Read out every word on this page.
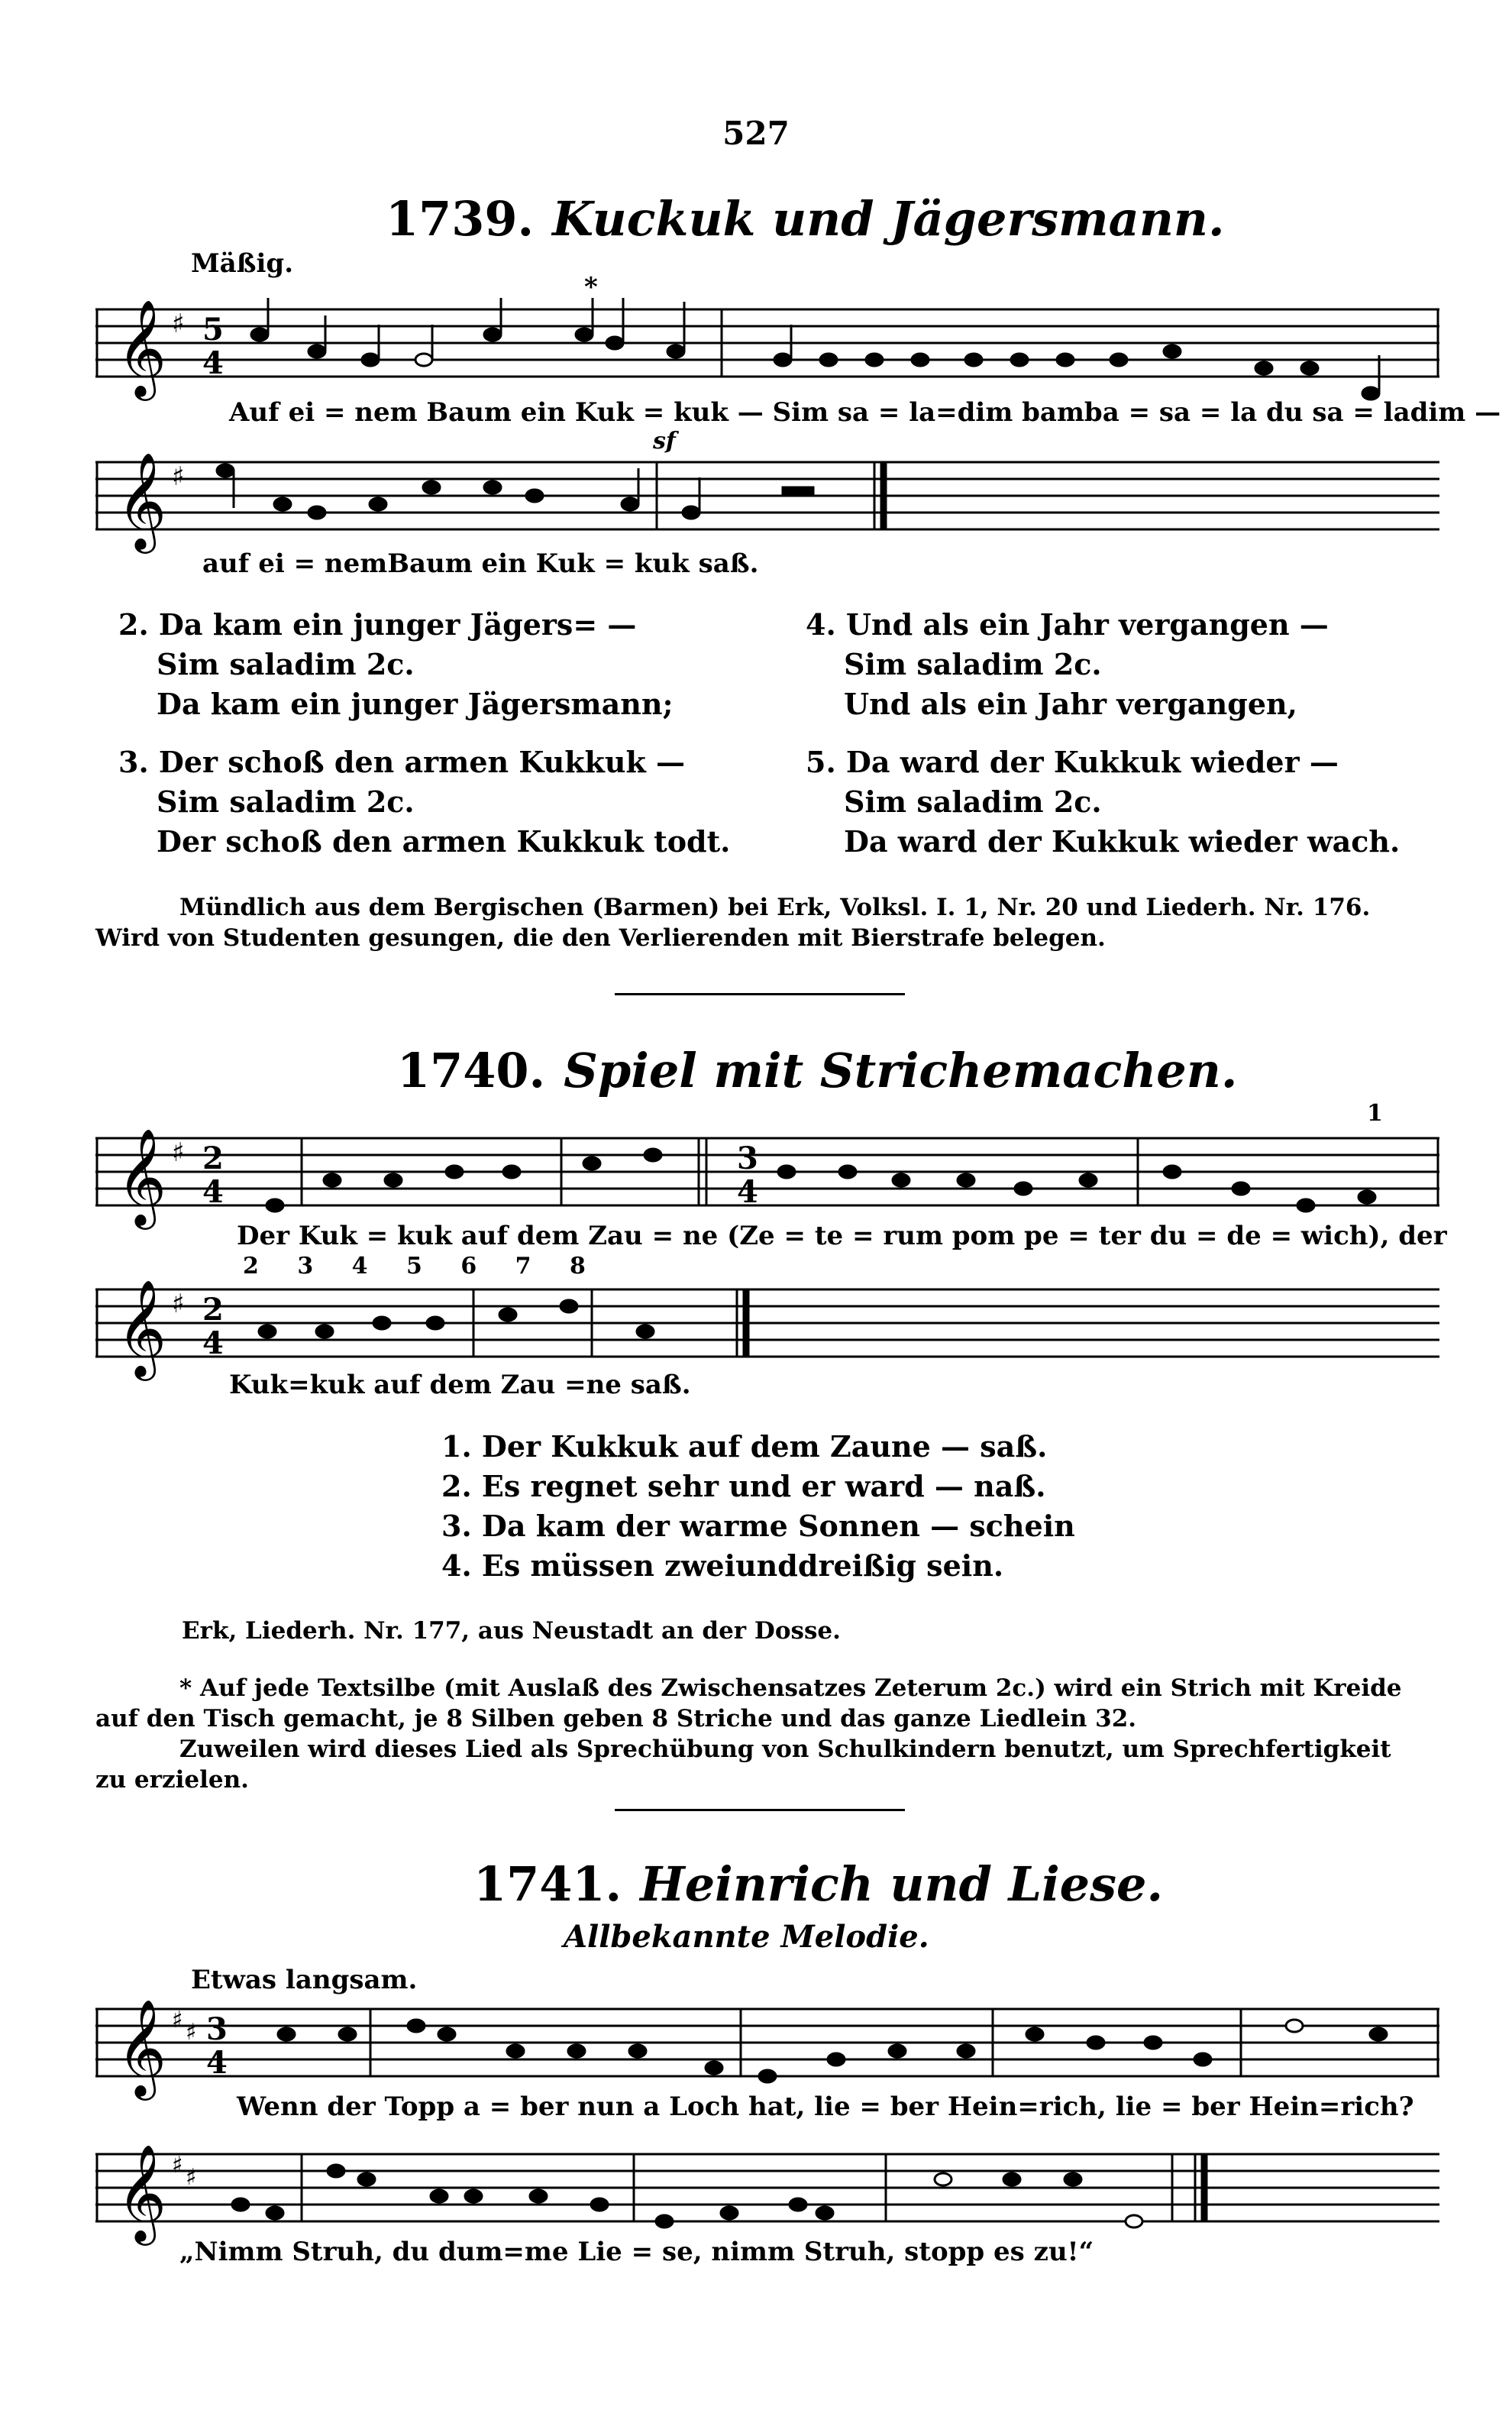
527
1739. Kuckuk und Jägersmann.
Mäßig.
𝄞 ♯ 5
4
*
Auf ei = nem Baum ein Kuk = kuk — Sim sa = la=dim bamba = sa = la du sa = ladim —
sf
𝄞 ♯
auf ei = nemBaum ein Kuk = kuk saß.
2. Da kam ein junger Jägers= —
Sim saladim 2c.
Da kam ein junger Jägersmann;
3. Der schoß den armen Kukkuk —
Sim saladim 2c.
Der schoß den armen Kukkuk todt.
4. Und als ein Jahr vergangen —
Sim saladim 2c.
Und als ein Jahr vergangen,
5. Da ward der Kukkuk wieder —
Sim saladim 2c.
Da ward der Kukkuk wieder wach.
Mündlich aus dem Bergischen (Barmen) bei Erk, Volksl. I. 1, Nr. 20 und Liederh. Nr. 176.
Wird von Studenten gesungen, die den Verlierenden mit Bierstrafe belegen.
1740. Spiel mit Strichemachen.
1
𝄞 ♯ 2
4
3
4
Der Kuk = kuk auf dem Zau = ne (Ze = te = rum pom pe = ter du = de = wich), der
2 3 4 5 6 7 8
𝄞 ♯ 2
4
Kuk=kuk auf dem Zau =ne saß.
1. Der Kukkuk auf dem Zaune — saß.
2. Es regnet sehr und er ward — naß.
3. Da kam der warme Sonnen — schein
4. Es müssen zweiunddreißig sein.
Erk, Liederh. Nr. 177, aus Neustadt an der Dosse.
* Auf jede Textsilbe (mit Auslaß des Zwischensatzes Zeterum 2c.) wird ein Strich mit Kreide
auf den Tisch gemacht, je 8 Silben geben 8 Striche und das ganze Liedlein 32.
Zuweilen wird dieses Lied als Sprechübung von Schulkindern benutzt, um Sprechfertigkeit
zu erzielen.
1741. Heinrich und Liese.
Allbekannte Melodie.
Etwas langsam.
𝄞 ♯ ♯ 3
4
Wenn der Topp a = ber nun a Loch hat, lie = ber Hein=rich, lie = ber Hein=rich?
𝄞 ♯ ♯
„Nimm Struh, du dum=me Lie = se, nimm Struh, stopp es zu!“
